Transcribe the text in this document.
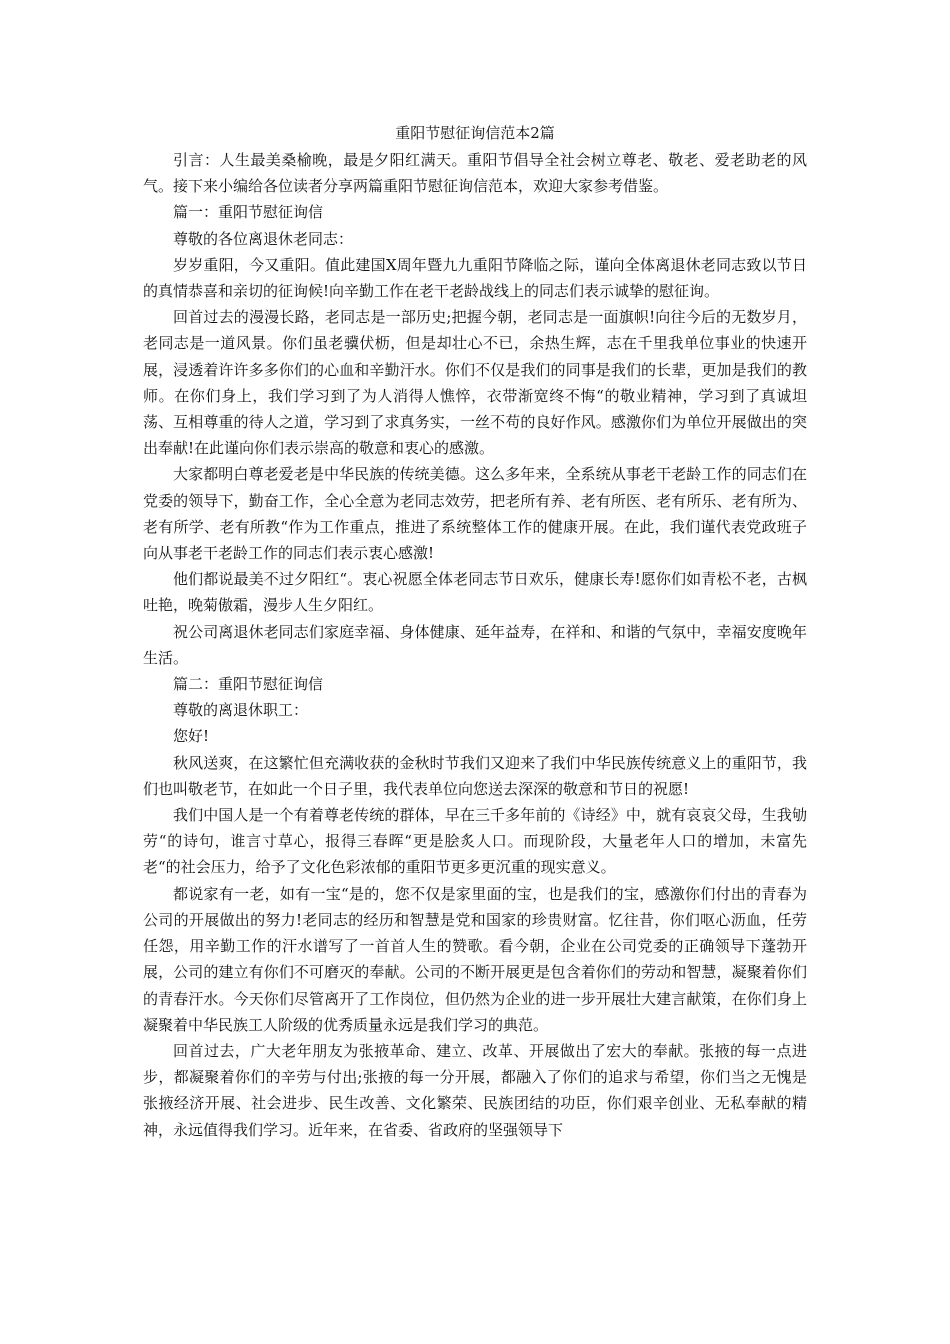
重阳节慰征询信范本2篇

引言：人生最美桑榆晚，最是夕阳红满天。重阳节倡导全社会树立尊老、敬老、爱老助老的风气。接下来小编给各位读者分享两篇重阳节慰征询信范本，欢迎大家参考借鉴。

篇一：重阳节慰征询信

尊敬的各位离退休老同志：

岁岁重阳，今又重阳。值此建国X周年暨九九重阳节降临之际，谨向全体离退休老同志致以节日的真情恭喜和亲切的征询候!向辛勤工作在老干老龄战线上的同志们表示诚挚的慰征询。

回首过去的漫漫长路，老同志是一部历史;把握今朝，老同志是一面旗帜!向往今后的无数岁月，老同志是一道风景。你们虽老骥伏枥，但是却壮心不已，余热生辉，志在千里我单位事业的快速开展，浸透着许许多多你们的心血和辛勤汗水。你们不仅是我们的同事是我们的长辈，更加是我们的教师。在你们身上，我们学习到了为人消得人憔悴，衣带渐宽终不悔“的敬业精神，学习到了真诚坦荡、互相尊重的待人之道，学习到了求真务实，一丝不苟的良好作风。感激你们为单位开展做出的突出奉献!在此谨向你们表示崇高的敬意和衷心的感激。

大家都明白尊老爱老是中华民族的传统美德。这么多年来，全系统从事老干老龄工作的同志们在党委的领导下，勤奋工作，全心全意为老同志效劳，把老所有养、老有所医、老有所乐、老有所为、老有所学、老有所教“作为工作重点，推进了系统整体工作的健康开展。在此，我们谨代表党政班子向从事老干老龄工作的同志们表示衷心感激!

他们都说最美不过夕阳红“。衷心祝愿全体老同志节日欢乐，健康长寿!愿你们如青松不老，古枫吐艳，晚菊傲霜，漫步人生夕阳红。

祝公司离退休老同志们家庭幸福、身体健康、延年益寿，在祥和、和谐的气氛中，幸福安度晚年生活。

篇二：重阳节慰征询信

尊敬的离退休职工：

您好!

秋风送爽，在这繁忙但充满收获的金秋时节我们又迎来了我们中华民族传统意义上的重阳节，我们也叫敬老节，在如此一个日子里，我代表单位向您送去深深的敬意和节日的祝愿!

我们中国人是一个有着尊老传统的群体，早在三千多年前的《诗经》中，就有哀哀父母，生我劬劳“的诗句，谁言寸草心，报得三春晖“更是脍炙人口。而现阶段，大量老年人口的增加，未富先老“的社会压力，给予了文化色彩浓郁的重阳节更多更沉重的现实意义。

都说家有一老，如有一宝“是的，您不仅是家里面的宝，也是我们的宝，感激你们付出的青春为公司的开展做出的努力!老同志的经历和智慧是党和国家的珍贵财富。忆往昔，你们呕心沥血，任劳任怨，用辛勤工作的汗水谱写了一首首人生的赞歌。看今朝，企业在公司党委的正确领导下蓬勃开展，公司的建立有你们不可磨灭的奉献。公司的不断开展更是包含着你们的劳动和智慧，凝聚着你们的青春汗水。今天你们尽管离开了工作岗位，但仍然为企业的进一步开展壮大建言献策，在你们身上凝聚着中华民族工人阶级的优秀质量永远是我们学习的典范。

回首过去，广大老年朋友为张掖革命、建立、改革、开展做出了宏大的奉献。张掖的每一点进步，都凝聚着你们的辛劳与付出;张掖的每一分开展，都融入了你们的追求与希望，你们当之无愧是张掖经济开展、社会进步、民生改善、文化繁荣、民族团结的功臣，你们艰辛创业、无私奉献的精神，永远值得我们学习。近年来，在省委、省政府的坚强领导下
